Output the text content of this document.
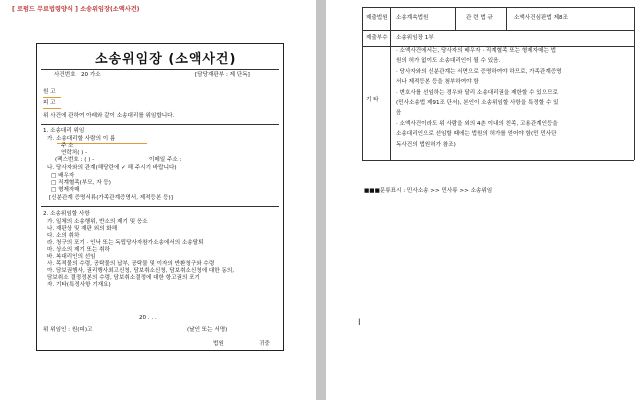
[ 로펌드 무료법령양식 ] 소송위임장(소액사건)
소송위임장 (소액사건)
사건번호 20 가소	[담당재판부 : 제 단독]
원 고
피 고
위 사건에 관하여 아래와 같이 소송대리를 위임합니다.
1. 소송대리 위임
가. 소송대리할 사람의 이 름
주 소
연락처( ) -
(팩스번호 : ( ) -	이메일 주소 :
나. 당사자와의 관계(해당란에 ✓ 해 주시기 바랍니다)
□ 배우자
□ 직계혈족(부모, 자 등)
□ 형제자매
[신분관계 증명서류(가족관계증명서, 제적등본 등)]
2. 소송위임할 사항
가. 일체의 소송행위, 반소의 제기 및 응소
나. 재판상 및 재판 외의 화해
다. 소의 취하
라. 청구의 포기 · 인낙 또는 독립당사자참가소송에서의 소송탈퇴
마. 상소의 제기 또는 취하
바. 복대리인의 선임
사. 목적물의 수령, 공탁물의 납부, 공탁물 및 이자의 반환청구와 수령
아. 담보권행사, 권리행사최고신청, 담보취소신청, 담보취소신청에 대한 동의,
담보취소 결정정본의 수령, 담보취소결정에 대한 항고권의 포기
자. 기타(특정사항 기재요)
20 . . .
위 위임인 : 원(피)고	(날인 또는 서명)
법원	귀중
제출법원 소송계속법원	관 련 법 규	소액사건심판법 제8조
제출부수 소송위임장 1부
기 타
· 소액사건에서는, 당사자의 배우자 · 직계혈족 또는 형제자매는 법
원의 허가 없이도 소송대리인이 될 수 있음.
· 당사자와의 신분관계는 서면으로 증명하여야 하므로, 가족관계증명
서나 제적등본 등을 첨부하여야 함
· 변호사를 선임하는 경우와 달리 소송대리권을 제한할 수 있으므로
(민사소송법 제91조 단서), 본인이 소송위임할 사항을 특정할 수 있
음
· 소액사건이라도 위 사람을 외의 4촌 이내의 친족, 고용관계인등을
소송대리인으로 선임할 때에는 법원의 허가를 얻어야 함(민 민사단
독사건의 법원허가 참조)
■■■문류표시 : 민사소송 >> 민사류 >> 소송위임
I
